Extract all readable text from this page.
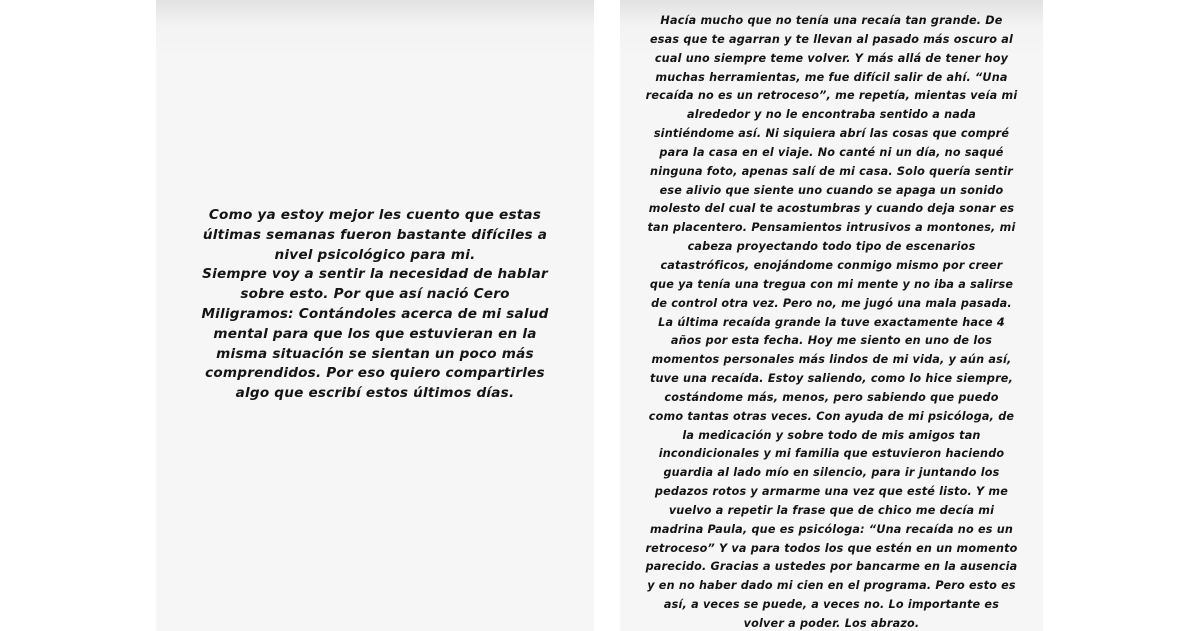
Como ya estoy mejor les cuento que estas
últimas semanas fueron bastante difíciles a
nivel psicológico para mi.
Siempre voy a sentir la necesidad de hablar
sobre esto. Por que así nació Cero
Miligramos: Contándoles acerca de mi salud
mental para que los que estuvieran en la
misma situación se sientan un poco más
comprendidos. Por eso quiero compartirles
algo que escribí estos últimos días.

Hacía mucho que no tenía una recaía tan grande. De
esas que te agarran y te llevan al pasado más oscuro al
cual uno siempre teme volver. Y más allá de tener hoy
muchas herramientas, me fue difícil salir de ahí. “Una
recaída no es un retroceso”, me repetía, mientas veía mi
alrededor y no le encontraba sentido a nada
sintiéndome así. Ni siquiera abrí las cosas que compré
para la casa en el viaje. No canté ni un día, no saqué
ninguna foto, apenas salí de mi casa. Solo quería sentir
ese alivio que siente uno cuando se apaga un sonido
molesto del cual te acostumbras y cuando deja sonar es
tan placentero. Pensamientos intrusivos a montones, mi
cabeza proyectando todo tipo de escenarios
catastróficos, enojándome conmigo mismo por creer
que ya tenía una tregua con mi mente y no iba a salirse
de control otra vez. Pero no, me jugó una mala pasada.
La última recaída grande la tuve exactamente hace 4
años por esta fecha. Hoy me siento en uno de los
momentos personales más lindos de mi vida, y aún así,
tuve una recaída. Estoy saliendo, como lo hice siempre,
costándome más, menos, pero sabiendo que puedo
como tantas otras veces. Con ayuda de mi psicóloga, de
la medicación y sobre todo de mis amigos tan
incondicionales y mi familia que estuvieron haciendo
guardia al lado mío en silencio, para ir juntando los
pedazos rotos y armarme una vez que esté listo. Y me
vuelvo a repetir la frase que de chico me decía mi
madrina Paula, que es psicóloga: “Una recaída no es un
retroceso” Y va para todos los que estén en un momento
parecido. Gracias a ustedes por bancarme en la ausencia
y en no haber dado mi cien en el programa. Pero esto es
así, a veces se puede, a veces no. Lo importante es
volver a poder. Los abrazo.
